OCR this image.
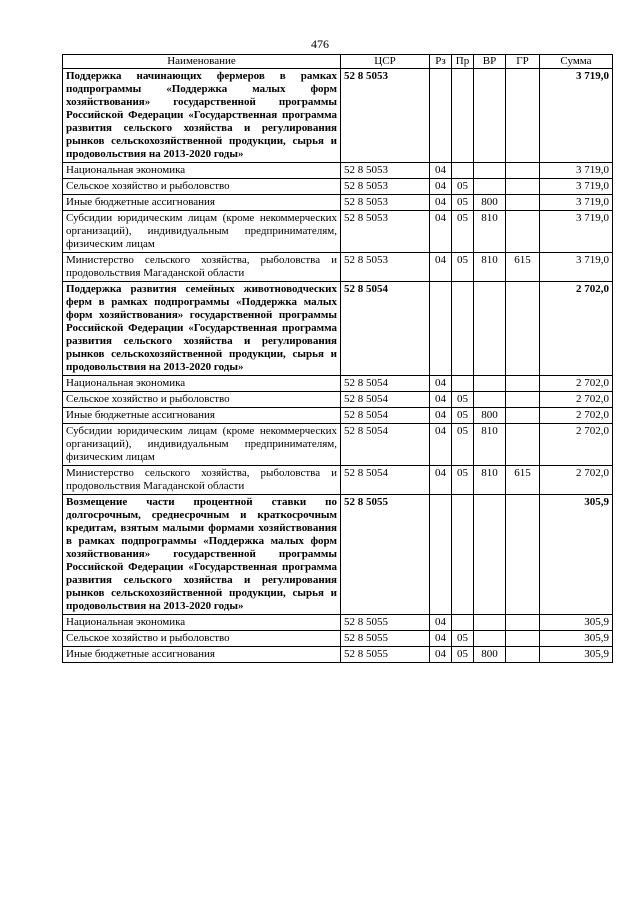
476
Наименование	ЦСР	Рз	Пр	ВР	ГР	Сумма
Поддержка начинающих фермеров в рамках подпрограммы «Поддержка малых форм хозяйствования» государственной программы Российской Федерации «Государственная программа развития сельского хозяйства и регулирования рынков сельскохозяйственной продукции, сырья и продовольствия на 2013-2020 годы»	52 8 5053					3 719,0
Национальная экономика	52 8 5053	04				3 719,0
Сельское хозяйство и рыболовство	52 8 5053	04	05			3 719,0
Иные бюджетные ассигнования	52 8 5053	04	05	800		3 719,0
Субсидии юридическим лицам (кроме некоммерческих организаций), индивидуальным предпринимателям, физическим лицам	52 8 5053	04	05	810		3 719,0
Министерство сельского хозяйства, рыболовства и продовольствия Магаданской области	52 8 5053	04	05	810	615	3 719,0
Поддержка развития семейных животноводческих ферм в рамках подпрограммы «Поддержка малых форм хозяйствования» государственной программы Российской Федерации «Государственная программа развития сельского хозяйства и регулирования рынков сельскохозяйственной продукции, сырья и продовольствия на 2013-2020 годы»	52 8 5054					2 702,0
Национальная экономика	52 8 5054	04				2 702,0
Сельское хозяйство и рыболовство	52 8 5054	04	05			2 702,0
Иные бюджетные ассигнования	52 8 5054	04	05	800		2 702,0
Субсидии юридическим лицам (кроме некоммерческих организаций), индивидуальным предпринимателям, физическим лицам	52 8 5054	04	05	810		2 702,0
Министерство сельского хозяйства, рыболовства и продовольствия Магаданской области	52 8 5054	04	05	810	615	2 702,0
Возмещение части процентной ставки по долгосрочным, среднесрочным и краткосрочным кредитам, взятым малыми формами хозяйствования в рамках подпрограммы «Поддержка малых форм хозяйствования» государственной программы Российской Федерации «Государственная программа развития сельского хозяйства и регулирования рынков сельскохозяйственной продукции, сырья и продовольствия на 2013-2020 годы»	52 8 5055					305,9
Национальная экономика	52 8 5055	04				305,9
Сельское хозяйство и рыболовство	52 8 5055	04	05			305,9
Иные бюджетные ассигнования	52 8 5055	04	05	800		305,9
